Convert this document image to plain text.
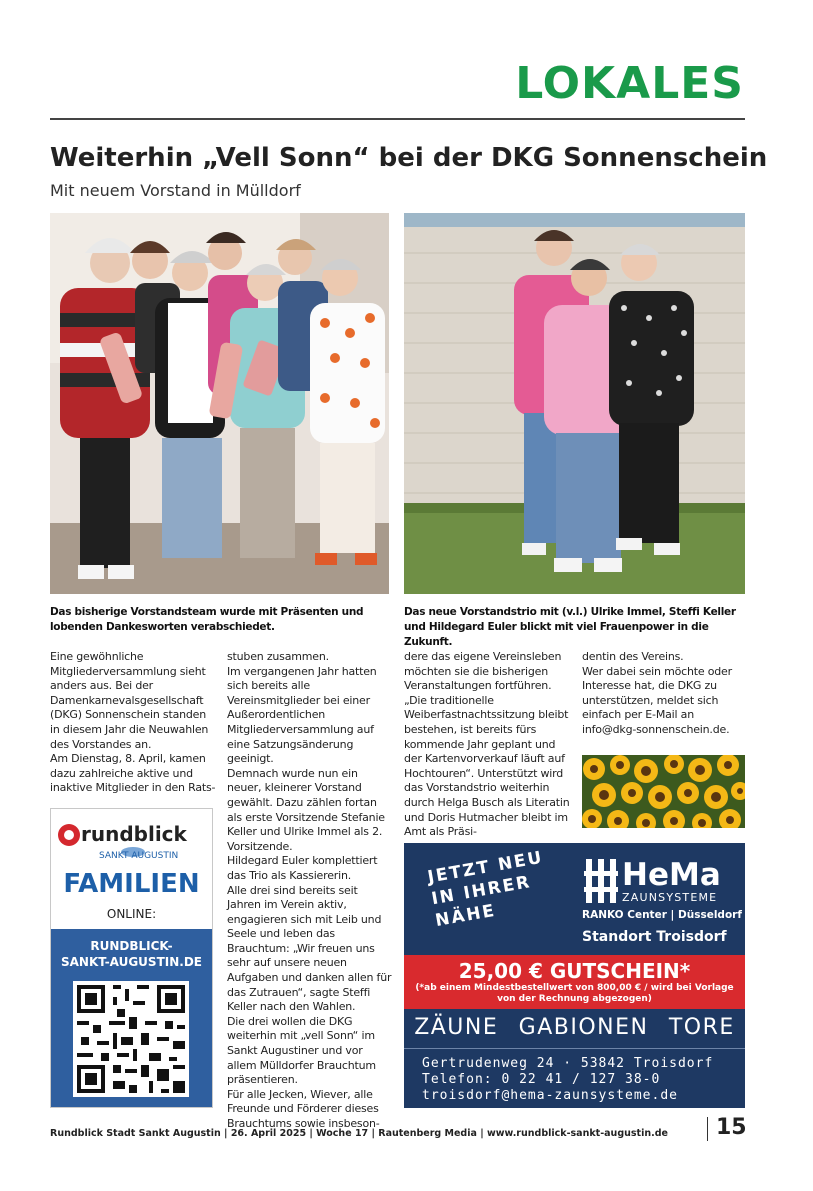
LOKALES
Weiterhin „Vell Sonn“ bei der DKG Sonnenschein
Mit neuem Vorstand in Mülldorf
Das bisherige Vorstandsteam wurde mit Präsenten und lobenden Dankesworten verabschiedet.
Das neue Vorstandstrio mit (v.l.) Ulrike Immel, Steffi Keller und Hildegard Euler blickt mit viel Frauenpower in die Zukunft.

Eine gewöhnliche Mitgliederversammlung sieht anders aus. Bei der Damenkarnevalsgesellschaft (DKG) Sonnenschein standen in diesem Jahr die Neuwahlen des Vorstandes an.

Am Dienstag, 8. April, kamen dazu zahlreiche aktive und inaktive Mitglieder in den Rats-

stuben zusammen.

Im vergangenen Jahr hatten sich bereits alle Vereinsmitglieder bei einer Außerordentlichen Mitgliederversammlung auf eine Satzungsänderung geeinigt.

Demnach wurde nun ein neuer, kleinerer Vorstand gewählt. Dazu zählen fortan als erste Vorsitzende Stefanie Keller und Ulrike Immel als 2. Vorsitzende.

Hildegard Euler komplettiert das Trio als Kassiererin.

Alle drei sind bereits seit Jahren im Verein aktiv, engagieren sich mit Leib und Seele und leben das Brauchtum: „Wir freuen uns sehr auf unsere neuen Aufgaben und danken allen für das Zutrauen“, sagte Steffi Keller nach den Wahlen.

Die drei wollen die DKG weiterhin mit „vell Sonn“ im Sankt Augustiner und vor allem Mülldorfer Brauchtum präsentieren.

Für alle Jecken, Wiever, alle Freunde und Förderer dieses Brauchtums sowie insbeson-

dere das eigene Vereinsleben möchten sie die bisherigen Veranstaltungen fortführen.

„Die traditionelle Weiberfastnachtssitzung bleibt bestehen, ist bereits fürs kommende Jahr geplant und der Kartenvorverkauf läuft auf Hochtouren“. Unterstützt wird das Vorstandstrio weiterhin durch Helga Busch als Literatin und Doris Hutmacher bleibt im Amt als Präsi-

dentin des Vereins.

Wer dabei sein möchte oder Interesse hat, die DKG zu unterstützen, meldet sich einfach per E-Mail an info@dkg-sonnenschein.de.

rundblick
SANKT AUGUSTIN
FAMILIEN
ONLINE:
RUNDBLICK-
SANKT-AUGUSTIN.DE
JETZT NEU IN IHRER NÄHE
HeMa
ZAUNSYSTEME
RANKO Center | Düsseldorf
Standort Troisdorf
25,00 € GUTSCHEIN*
(*ab einem Mindestbestellwert von 800,00 € / wird bei Vorlage von der Rechnung abgezogen)
ZÄUNE GABIONEN TORE
Gertrudenweg 24 · 53842 Troisdorf
Telefon: 0 22 41 / 127 38-0
troisdorf@hema-zaunsysteme.de
Rundblick Stadt Sankt Augustin | 26. April 2025 | Woche 17 | Rautenberg Media | www.rundblick-sankt-augustin.de 15
